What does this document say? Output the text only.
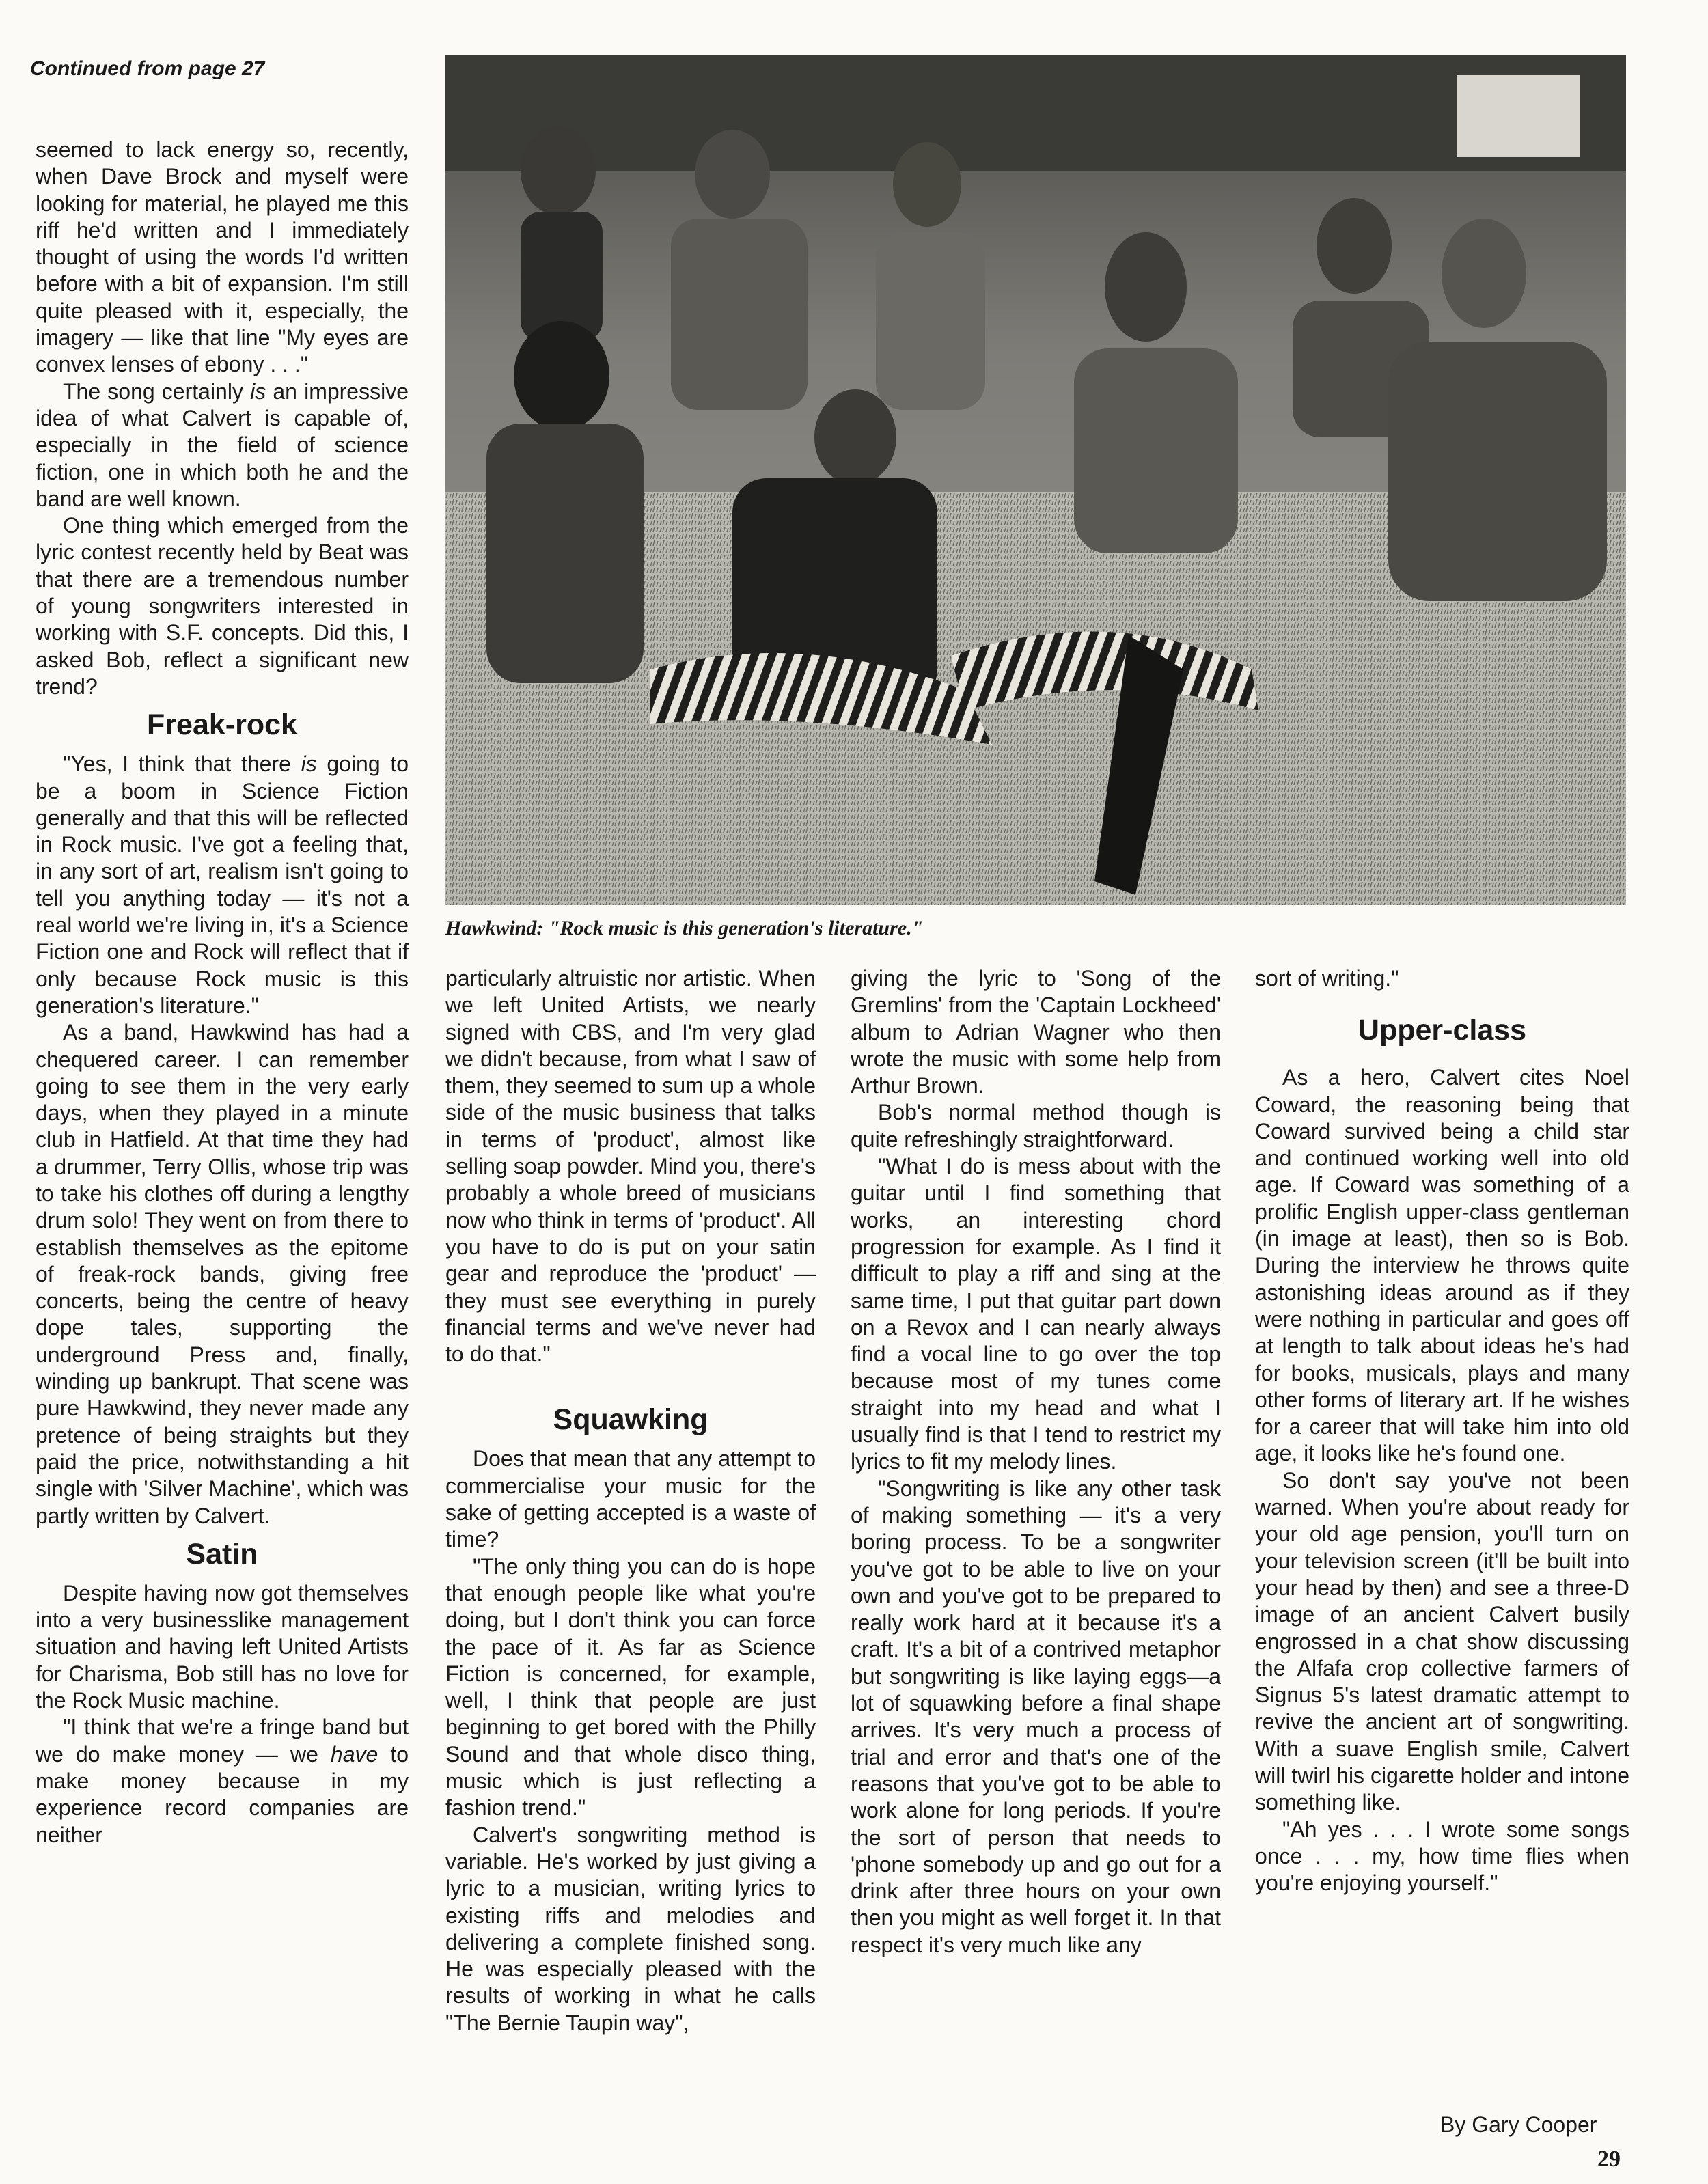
Continued from page 27
Hawkwind: "Rock music is this generation's literature."

seemed to lack energy so, recently, when Dave Brock and myself were looking for material, he played me this riff he'd written and I immediately thought of using the words I'd written before with a bit of expansion. I'm still quite pleased with it, especially, the imagery — like that line "My eyes are convex lenses of ebony . . ."

The song certainly is an impressive idea of what Calvert is capable of, especially in the field of science fiction, one in which both he and the band are well known.

One thing which emerged from the lyric contest recently held by Beat was that there are a tremendous number of young songwriters interested in working with S.F. concepts. Did this, I asked Bob, reflect a significant new trend?

Freak-rock

"Yes, I think that there is going to be a boom in Science Fiction generally and that this will be reflected in Rock music. I've got a feeling that, in any sort of art, realism isn't going to tell you anything today — it's not a real world we're living in, it's a Science Fiction one and Rock will reflect that if only because Rock music is this generation's literature."

As a band, Hawkwind has had a chequered career. I can remember going to see them in the very early days, when they played in a minute club in Hatfield. At that time they had a drummer, Terry Ollis, whose trip was to take his clothes off during a lengthy drum solo! They went on from there to establish themselves as the epitome of freak-rock bands, giving free concerts, being the centre of heavy dope tales, supporting the underground Press and, finally, winding up bankrupt. That scene was pure Hawkwind, they never made any pretence of being straights but they paid the price, notwithstanding a hit single with 'Silver Machine', which was partly written by Calvert.

Satin

Despite having now got themselves into a very businesslike management situation and having left United Artists for Charisma, Bob still has no love for the Rock Music machine.

"I think that we're a fringe band but we do make money — we have to make money because in my experience record companies are neither

particularly altruistic nor artistic. When we left United Artists, we nearly signed with CBS, and I'm very glad we didn't because, from what I saw of them, they seemed to sum up a whole side of the music business that talks in terms of 'product', almost like selling soap powder. Mind you, there's probably a whole breed of musicians now who think in terms of 'product'. All you have to do is put on your satin gear and reproduce the 'product' — they must see everything in purely financial terms and we've never had to do that."

Squawking

Does that mean that any attempt to commercialise your music for the sake of getting accepted is a waste of time?

"The only thing you can do is hope that enough people like what you're doing, but I don't think you can force the pace of it. As far as Science Fiction is concerned, for example, well, I think that people are just beginning to get bored with the Philly Sound and that whole disco thing, music which is just reflecting a fashion trend."

Calvert's songwriting method is variable. He's worked by just giving a lyric to a musician, writing lyrics to existing riffs and melodies and delivering a complete finished song. He was especially pleased with the results of working in what he calls "The Bernie Taupin way",

giving the lyric to 'Song of the Gremlins' from the 'Captain Lockheed' album to Adrian Wagner who then wrote the music with some help from Arthur Brown.

Bob's normal method though is quite refreshingly straightforward.

"What I do is mess about with the guitar until I find something that works, an interesting chord progression for example. As I find it difficult to play a riff and sing at the same time, I put that guitar part down on a Revox and I can nearly always find a vocal line to go over the top because most of my tunes come straight into my head and what I usually find is that I tend to restrict my lyrics to fit my melody lines.

"Songwriting is like any other task of making something — it's a very boring process. To be a songwriter you've got to be able to live on your own and you've got to be prepared to really work hard at it because it's a craft. It's a bit of a contrived metaphor but songwriting is like laying eggs—a lot of squawking before a final shape arrives. It's very much a process of trial and error and that's one of the reasons that you've got to be able to work alone for long periods. If you're the sort of person that needs to 'phone somebody up and go out for a drink after three hours on your own then you might as well forget it. In that respect it's very much like any

sort of writing."

Upper-class

As a hero, Calvert cites Noel Coward, the reasoning being that Coward survived being a child star and continued working well into old age. If Coward was something of a prolific English upper-class gentleman (in image at least), then so is Bob. During the interview he throws quite astonishing ideas around as if they were nothing in particular and goes off at length to talk about ideas he's had for books, musicals, plays and many other forms of literary art. If he wishes for a career that will take him into old age, it looks like he's found one.

So don't say you've not been warned. When you're about ready for your old age pension, you'll turn on your television screen (it'll be built into your head by then) and see a three-D image of an ancient Calvert busily engrossed in a chat show discussing the Alfafa crop collective farmers of Signus 5's latest dramatic attempt to revive the ancient art of songwriting. With a suave English smile, Calvert will twirl his cigarette holder and intone something like.

"Ah yes . . . I wrote some songs once . . . my, how time flies when you're enjoying yourself."

By Gary Cooper
29
